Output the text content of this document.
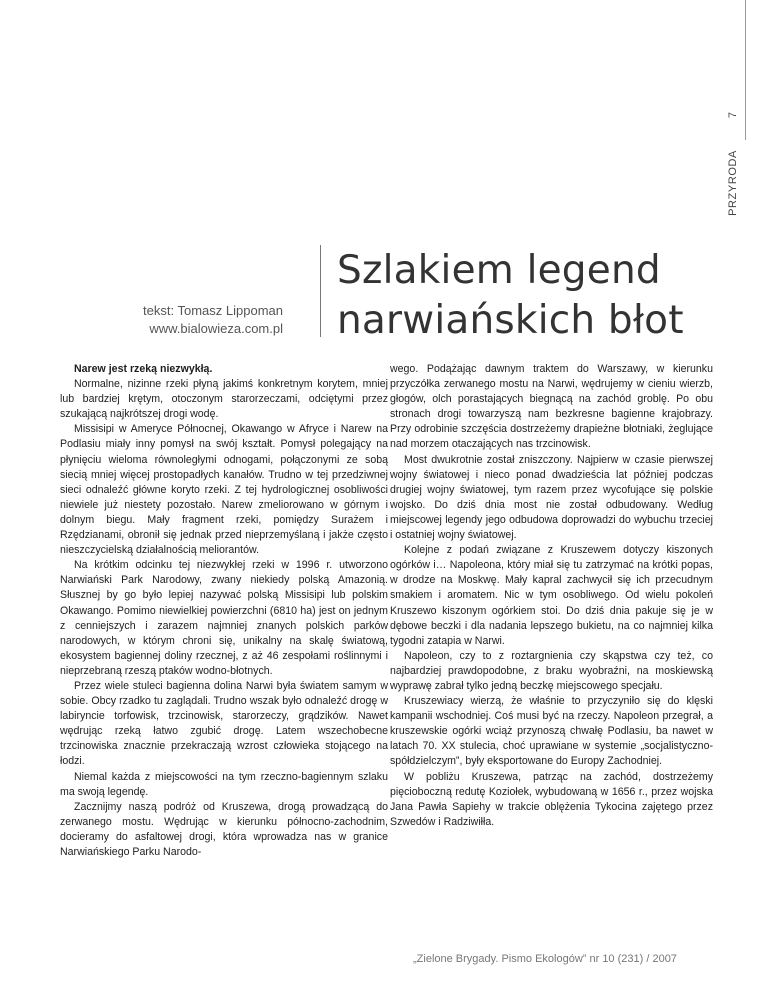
7
PRZYRODA
tekst: Tomasz Lippoman
www.bialowieza.com.pl
Szlakiem legend
narwiańskich błot

Narew jest rzeką niezwykłą.

Normalne, nizinne rzeki płyną jakimś konkretnym korytem, mniej lub bardziej krętym, otoczonym starorzeczami, odciętymi przez szukającą najkrótszej drogi wodę.

Missisipi w Ameryce Północnej, Okawango w Afryce i Narew na Podlasiu miały inny pomysł na swój kształt. Pomysł polegający na płynięciu wieloma równoległymi odnogami, połączonymi ze sobą siecią mniej więcej prostopadłych kanałów. Trudno w tej przedziwnej sieci odnaleźć główne koryto rzeki. Z tej hydrologicznej osobliwości niewiele już niestety pozostało. Narew zmeliorowano w górnym i dolnym biegu. Mały fragment rzeki, pomiędzy Surażem i Rzędzianami, obronił się jednak przed nieprzemyślaną i jakże często nieszczycielską działalnością meliorantów.

Na krótkim odcinku tej niezwykłej rzeki w 1996 r. utworzono Narwiański Park Narodowy, zwany niekiedy polską Amazonią. Słusznej by go było lepiej nazywać polską Missisipi lub polskim Okawango. Pomimo niewielkiej powierzchni (6810 ha) jest on jednym z cenniejszych i zarazem najmniej znanych polskich parków narodowych, w którym chroni się, unikalny na skalę światową, ekosystem bagiennej doliny rzecznej, z aż 46 zespołami roślinnymi i nieprzebraną rzeszą ptaków wodno-błotnych.

Przez wiele stuleci bagienna dolina Narwi była światem samym w sobie. Obcy rzadko tu zaglądali. Trudno wszak było odnaleźć drogę w labiryncie torfowisk, trzcinowisk, starorzeczy, grądzików. Nawet wędrując rzeką łatwo zgubić drogę. Latem wszechobecne trzcinowiska znacznie przekraczają wzrost człowieka stojącego na łodzi.

Niemal każda z miejscowości na tym rzeczno-bagiennym szlaku ma swoją legendę.

Zacznijmy naszą podróż od Kruszewa, drogą prowadzącą do zerwanego mostu. Wędrując w kierunku północno-zachodnim, docieramy do asfaltowej drogi, która wprowadza nas w granice Narwiańskiego Parku Narodo-

wego. Podążając dawnym traktem do Warszawy, w kierunku przyczółka zerwanego mostu na Narwi, wędrujemy w cieniu wierzb, głogów, olch porastających biegnącą na zachód groblę. Po obu stronach drogi towarzyszą nam bezkresne bagienne krajobrazy. Przy odrobinie szczęścia dostrzeżemy drapieżne błotniaki, żeglujące nad morzem otaczających nas trzcinowisk.

Most dwukrotnie został zniszczony. Najpierw w czasie pierwszej wojny światowej i nieco ponad dwadzieścia lat później podczas drugiej wojny światowej, tym razem przez wycofujące się polskie wojsko. Do dziś dnia most nie został odbudowany. Według miejscowej legendy jego odbudowa doprowadzi do wybuchu trzeciej i ostatniej wojny światowej.

Kolejne z podań związane z Kruszewem dotyczy kiszonych ogórków i… Napoleona, który miał się tu zatrzymać na krótki popas, w drodze na Moskwę. Mały kapral zachwycił się ich przecudnym smakiem i aromatem. Nic w tym osobliwego. Od wielu pokoleń Kruszewo kiszonym ogórkiem stoi. Do dziś dnia pakuje się je w dębowe beczki i dla nadania lepszego bukietu, na co najmniej kilka tygodni zatapia w Narwi.

Napoleon, czy to z roztargnienia czy skąpstwa czy też, co najbardziej prawdopodobne, z braku wyobraźni, na moskiewską wyprawę zabrał tylko jedną beczkę miejscowego specjału.

Kruszewiacy wierzą, że właśnie to przyczyniło się do klęski kampanii wschodniej. Coś musi być na rzeczy. Napoleon przegrał, a kruszewskie ogórki wciąż przynoszą chwałę Podlasiu, ba nawet w latach 70. XX stulecia, choć uprawiane w systemie „socjalistyczno-spółdzielczym”, były eksportowane do Europy Zachodniej.

W pobliżu Kruszewa, patrząc na zachód, dostrzeżemy pięcioboczną redutę Koziołek, wybudowaną w 1656 r., przez wojska Jana Pawła Sapiehy w trakcie oblężenia Tykocina zajętego przez Szwedów i Radziwiłła.

„Zielone Brygady. Pismo Ekologów” nr 10 (231) / 2007
